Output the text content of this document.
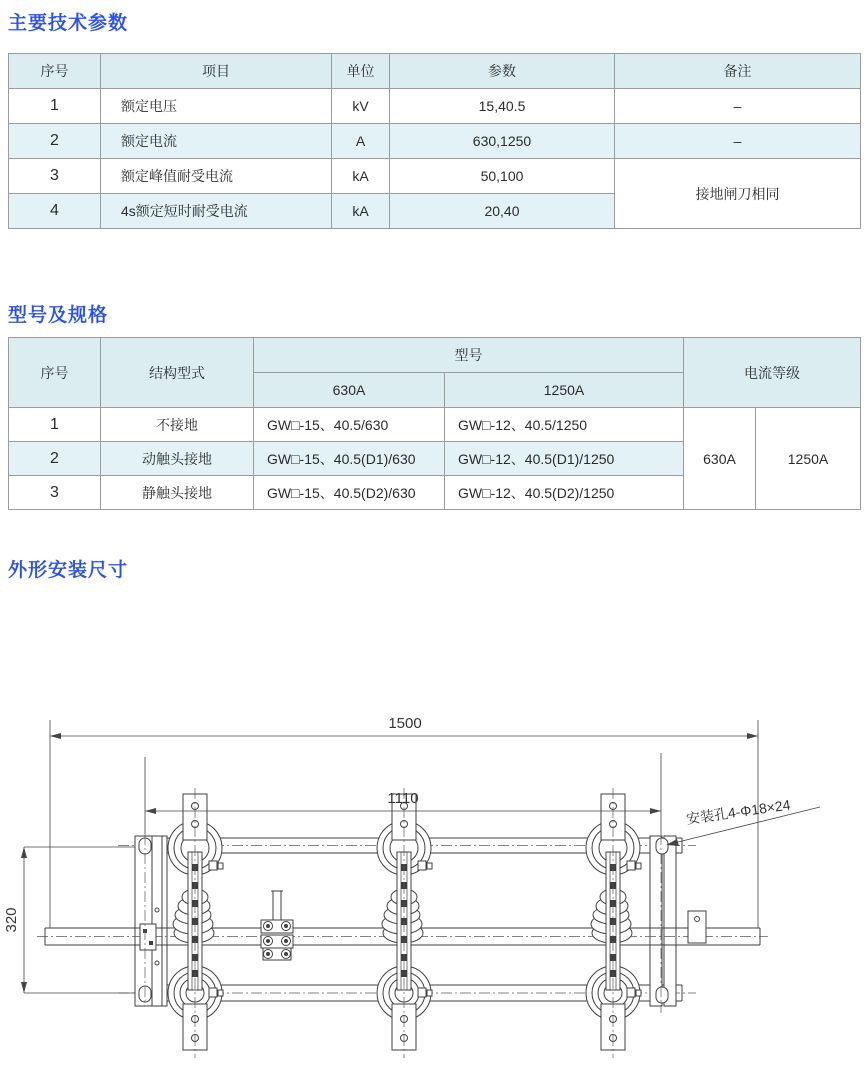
主要技术参数
序号	项目	单位	参数	备注
1	额定电压	kV	15,40.5	–
2	额定电流	A	630,1250	–
3	额定峰值耐受电流	kA	50,100	接地闸刀相同
4	4s额定短时耐受电流	kA	20,40	
型号及规格
序号	结构型式	型号		电流等级	
		630A	1250A		
1	不接地	GW□-15、40.5/630	GW□-12、40.5/1250	630A	1250A
2	动触头接地	GW□-15、40.5(D1)/630	GW□-12、40.5(D1)/1250		
3	静触头接地	GW□-15、40.5(D2)/630	GW□-12、40.5(D2)/1250		
外形安装尺寸
1500
1110
320
安装孔4-Φ18×24
